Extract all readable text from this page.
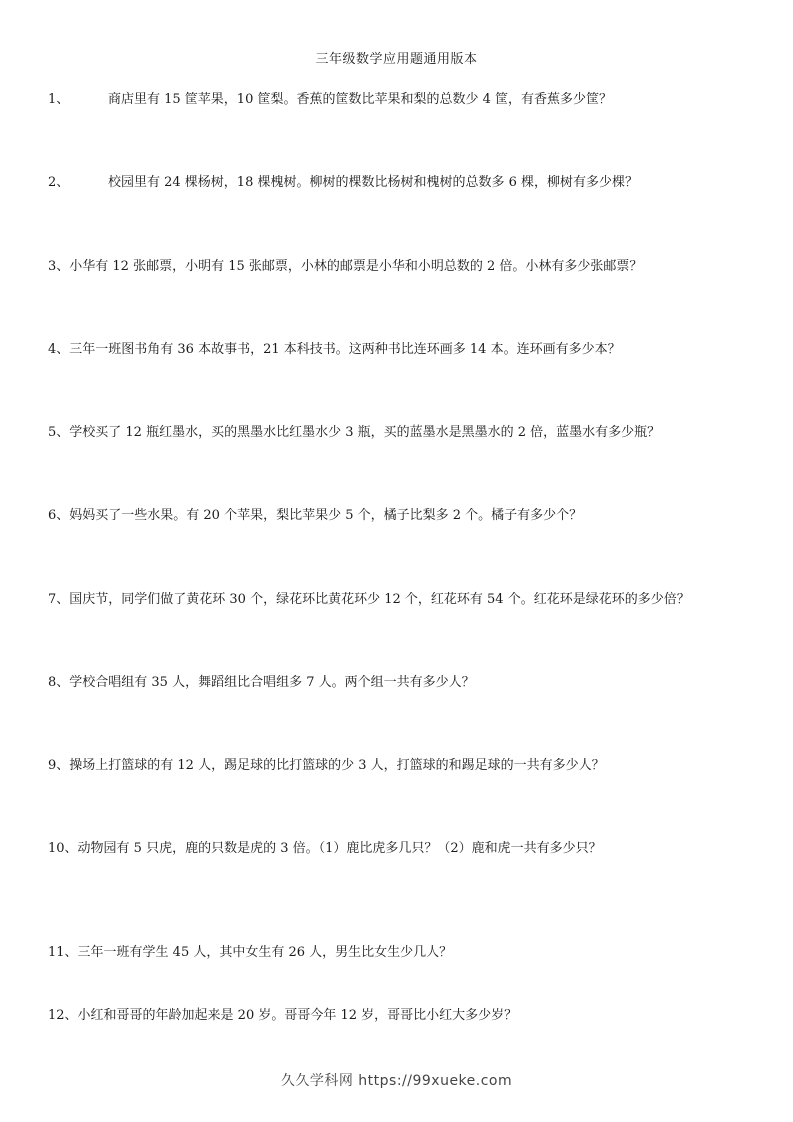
三年级数学应用题通用版本
1、	商店里有 15 筐苹果，10 筐梨。香蕉的筐数比苹果和梨的总数少 4 筐，有香蕉多少筐？
2、	校园里有 24 棵杨树，18 棵槐树。柳树的棵数比杨树和槐树的总数多 6 棵，柳树有多少棵？
3、小华有 12 张邮票，小明有 15 张邮票，小林的邮票是小华和小明总数的 2 倍。小林有多少张邮票？
4、三年一班图书角有 36 本故事书，21 本科技书。这两种书比连环画多 14 本。连环画有多少本？
5、学校买了 12 瓶红墨水，买的黑墨水比红墨水少 3 瓶，买的蓝墨水是黑墨水的 2 倍，蓝墨水有多少瓶？
6、妈妈买了一些水果。有 20 个苹果，梨比苹果少 5 个，橘子比梨多 2 个。橘子有多少个？
7、国庆节，同学们做了黄花环 30 个，绿花环比黄花环少 12 个，红花环有 54 个。红花环是绿花环的多少倍？
8、学校合唱组有 35 人，舞蹈组比合唱组多 7 人。两个组一共有多少人？
9、操场上打篮球的有 12 人，踢足球的比打篮球的少 3 人，打篮球的和踢足球的一共有多少人？
10、动物园有 5 只虎，鹿的只数是虎的 3 倍。（1）鹿比虎多几只？（2）鹿和虎一共有多少只？
11、三年一班有学生 45 人，其中女生有 26 人，男生比女生少几人？
12、小红和哥哥的年龄加起来是 20 岁。哥哥今年 12 岁，哥哥比小红大多少岁？
久久学科网 https://99xueke.com
